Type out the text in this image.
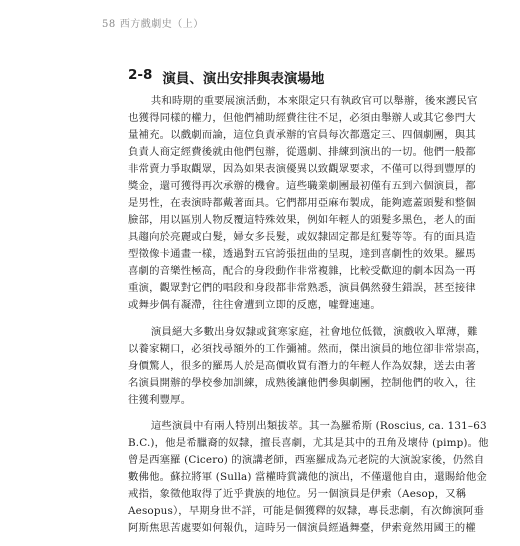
58 西方戲劇史（上）
2-8 演員、演出安排與表演場地

共和時期的重要展演活動，本來限定只有執政官可以舉辦，後來護民官

也獲得同樣的權力，但他們補助經費往往不足，必須由舉辦人或其它參門大

量補充。以戲劇而論，這位負責承辦的官員每次都選定三、四個劇團，與其

負責人商定經費後就由他們包辦，從選劇、排練到演出的一切。他們一般都

非常賣力爭取觀眾，因為如果表演優異以致觀眾要求，不僅可以得到豐厚的

獎金，還可獲得再次承辦的機會。這些職業劇團最初僅有五到六個演員，都

是男性，在表演時都戴著面具。它們都用亞麻布製成，能夠遮蓋頭髮和整個

臉部，用以區別人物反覆這特殊效果，例如年輕人的頭髮多黑色，老人的面

具趨向於亮麗或白髮，婦女多長髮，或奴隸固定都是紅髮等等。有的面具造

型徵像卡通畫一樣，透過對五官誇張扭曲的呈現，達到喜劇性的效果。羅馬

喜劇的音樂性極高，配合的身段動作非常複雜，比較受歡迎的劇本因為一再

重演，觀眾對它們的唱段和身段都非常熟悉，演員偶然發生錯誤，甚至接律

或舞步偶有凝滯，往往會遭到立即的反應，噓聲連連。

演員絕大多數出身奴隸或貧寒家庭，社會地位低微，演戲收入單薄，難

以養家糊口，必須找尋額外的工作彌補。然而，傑出演員的地位卻非常崇高，

身價驚人，很多的羅馬人於是高價收買有潛力的年輕人作為奴隸，送去由著

名演員開辦的學校參加訓練，成熟後讓他們參與劇團，控制他們的收入，往

往獲利豐厚。

這些演員中有兩人特別出類拔萃。其一為羅希斯 (Roscius, ca. 131–63

B.C.)，他是希臘裔的奴隸，擅長喜劇，尤其是其中的丑角及壞侍 (pimp)。他

曾是西塞羅 (Cicero) 的演講老師，西塞羅成為元老院的大演說家後，仍然自

數佛他。蘇拉將軍 (Sulla) 當權時賞識他的演出，不僅還他自由，還賜給他金

戒指，象徵他取得了近乎貴族的地位。另一個演員是伊索（Aesop，又稱

Aesopus），早期身世不詳，可能是個獲釋的奴隸，專長悲劇，有次飾演阿垂

阿斯焦思苦處要如何報仇，這時另一個演員經過舞臺，伊索竟然用國王的權
